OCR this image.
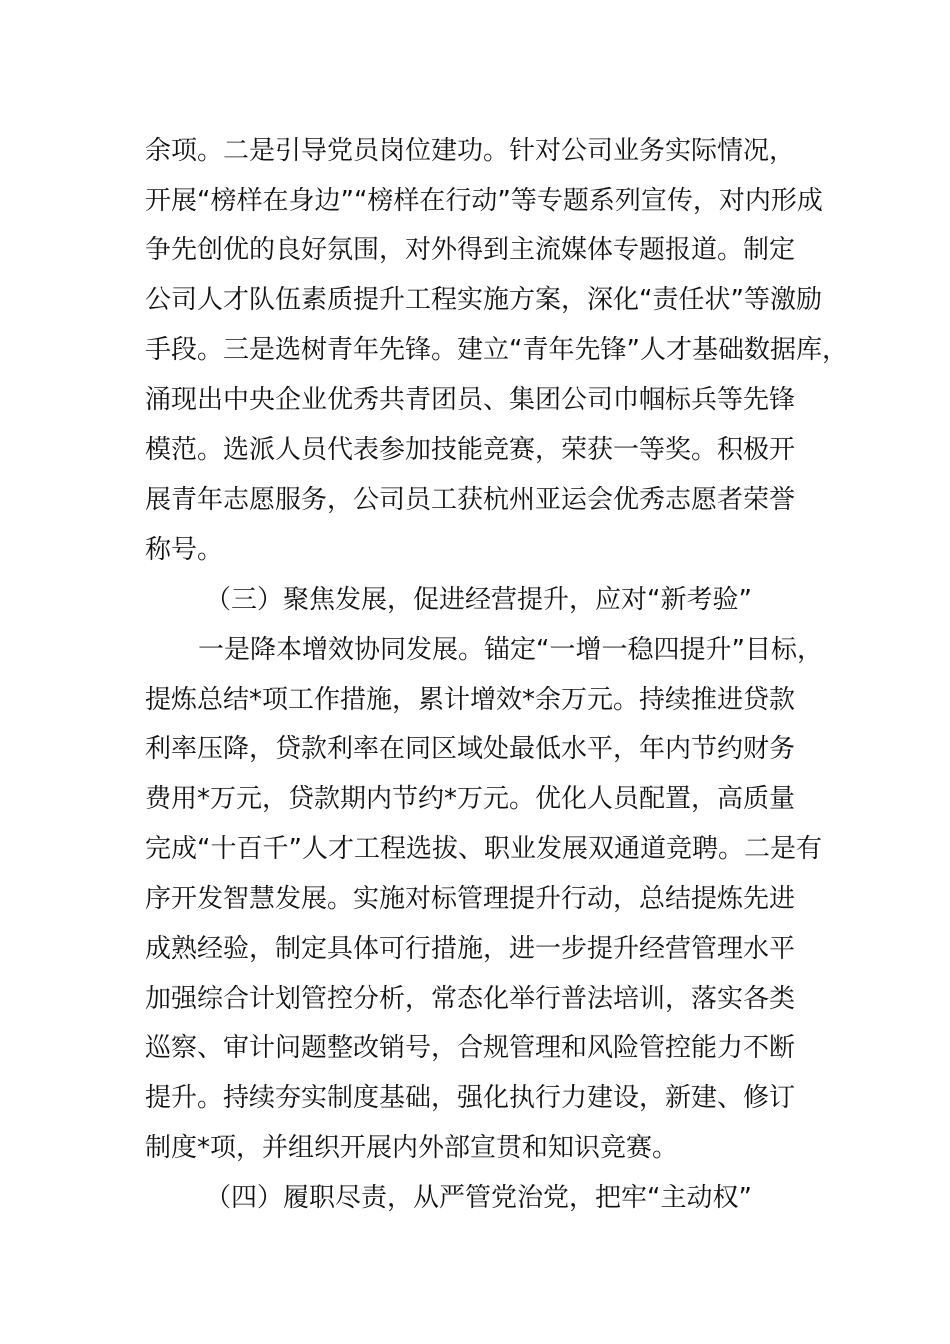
余项。二是引导党员岗位建功。针对公司业务实际情况，
开展“榜样在身边”“榜样在行动”等专题系列宣传，对内形成
争先创优的良好氛围，对外得到主流媒体专题报道。制定
公司人才队伍素质提升工程实施方案，深化“责任状”等激励
手段。三是选树青年先锋。建立“青年先锋”人才基础数据库，
涌现出中央企业优秀共青团员、集团公司巾帼标兵等先锋
模范。选派人员代表参加技能竞赛，荣获一等奖。积极开
展青年志愿服务，公司员工获杭州亚运会优秀志愿者荣誉
称号。
（三）聚焦发展，促进经营提升，应对“新考验”
一是降本增效协同发展。锚定“一增一稳四提升”目标，
提炼总结*项工作措施，累计增效*余万元。持续推进贷款
利率压降，贷款利率在同区域处最低水平，年内节约财务
费用*万元，贷款期内节约*万元。优化人员配置，高质量
完成“十百千”人才工程选拔、职业发展双通道竞聘。二是有
序开发智慧发展。实施对标管理提升行动，总结提炼先进
成熟经验，制定具体可行措施，进一步提升经营管理水平
加强综合计划管控分析，常态化举行普法培训，落实各类
巡察、审计问题整改销号，合规管理和风险管控能力不断
提升。持续夯实制度基础，强化执行力建设，新建、修订
制度*项，并组织开展内外部宣贯和知识竞赛。
（四）履职尽责，从严管党治党，把牢“主动权”
